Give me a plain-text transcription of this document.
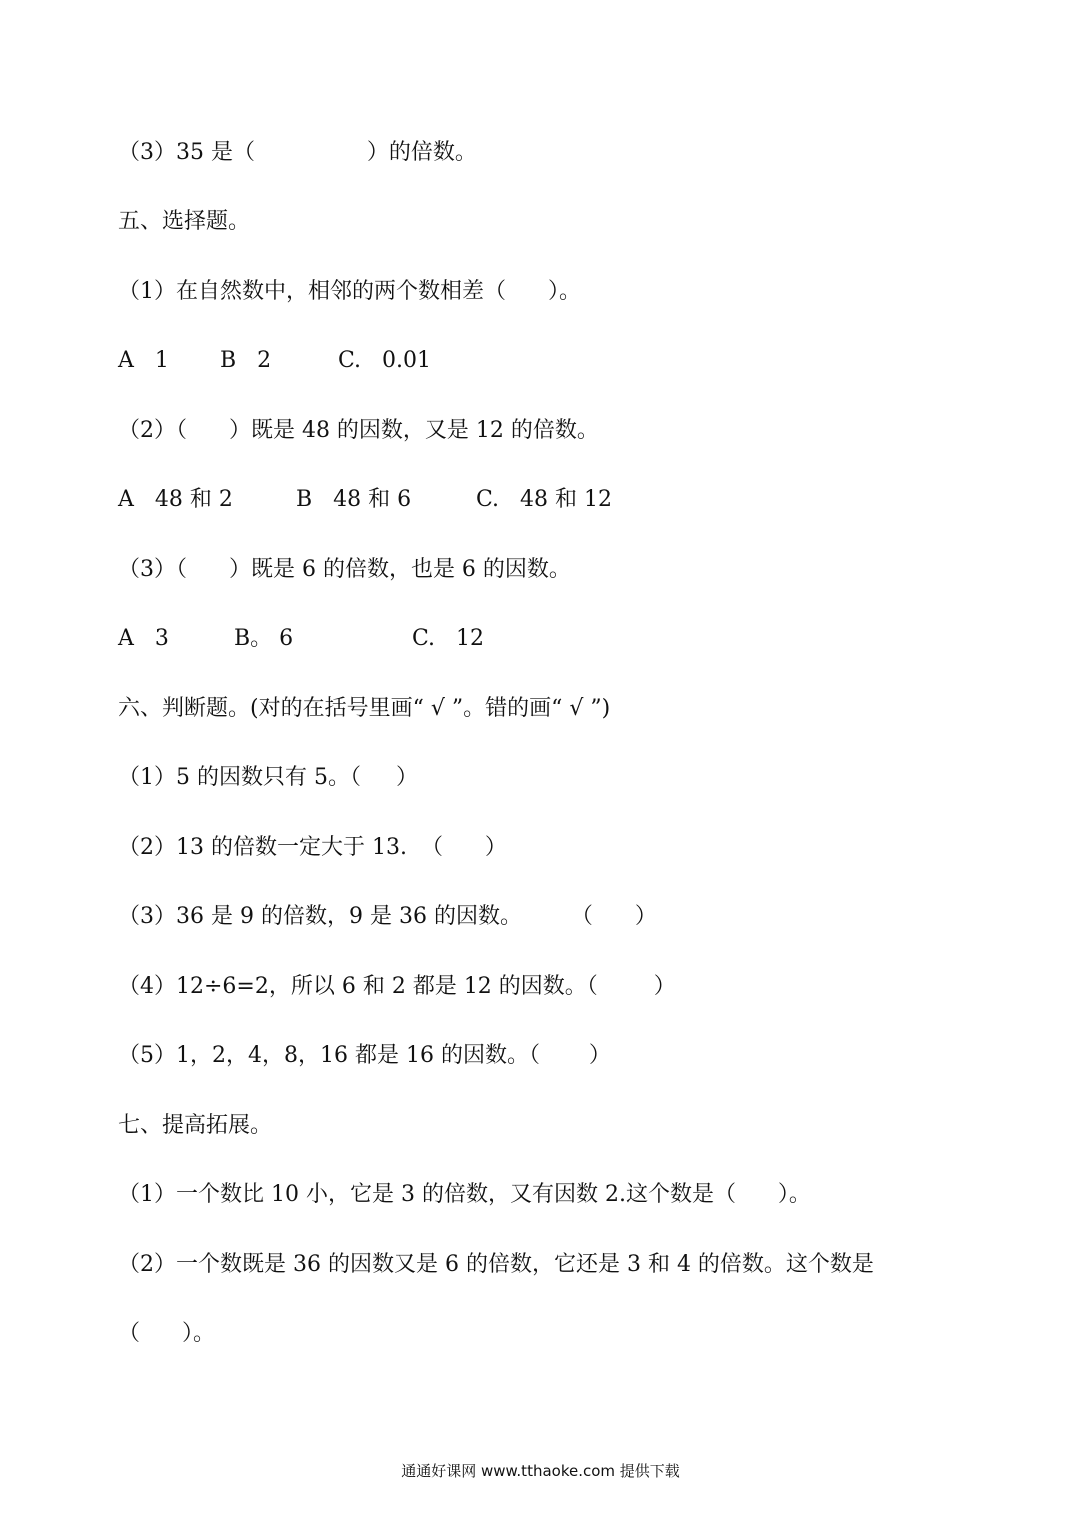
（3）35 是（                ）的倍数。
五、选择题。
（1）在自然数中，相邻的两个数相差（      ）。
A   1 B   2	C.   0.01
（2）（      ）既是 48 的因数，又是 12 的倍数。
A   48 和 2	B   48 和 6	C.   48 和 12
（3）（      ）既是 6 的倍数，也是 6 的因数。
A   3	B。 6	C.   12
六、判断题。(对的在括号里画“ √ ”。错的画“ √ ”)
（1）5 的因数只有 5。（     ）
（2）13 的倍数一定大于 13.  （      ）
（3）36 是 9 的倍数，9 是 36 的因数。       （      ）
（4）12÷6=2，所以 6 和 2 都是 12 的因数。（        ）
（5）1，2，4，8，16 都是 16 的因数。（       ）
七、提高拓展。
（1）一个数比 10 小，它是 3 的倍数，又有因数 2.这个数是（      ）。
（2）一个数既是 36 的因数又是 6 的倍数，它还是 3 和 4 的倍数。这个数是
（      ）。
通通好课网 www.tthaoke.com 提供下载
